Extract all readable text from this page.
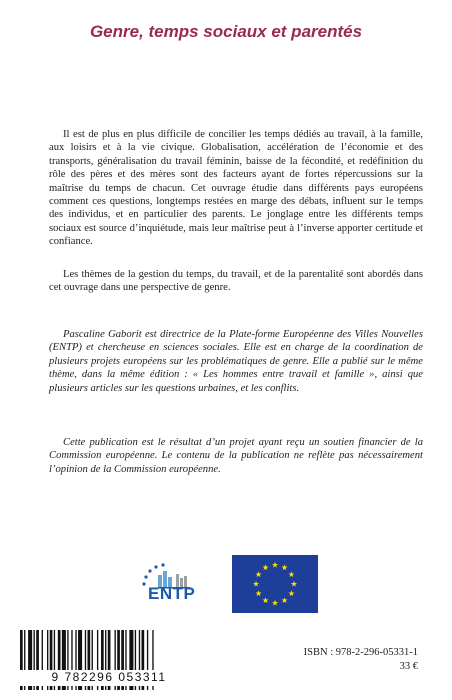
Genre, temps sociaux et parentés

Il est de plus en plus difficile de concilier les temps dédiés au travail, à la famille, aux loisirs et à la vie civique. Globalisation, accélération de l’économie et des transports, généralisation du travail féminin, baisse de la fécondité, et redéfinition du rôle des pères et des mères sont des facteurs ayant de fortes répercussions sur la maîtrise du temps de chacun. Cet ouvrage étudie dans différents pays européens comment ces questions, longtemps restées en marge des débats, influent sur le temps des individus, et en particulier des parents. Le jonglage entre les différents temps sociaux est source d’inquiétude, mais leur maîtrise peut à l’inverse apporter certitude et confiance.

Les thèmes de la gestion du temps, du travail, et de la parentalité sont abordés dans cet ouvrage dans une perspective de genre.

Pascaline Gaborit est directrice de la Plate-forme Européenne des Villes Nouvelles (ENTP) et chercheuse en sciences sociales. Elle est en charge de la coordination de plusieurs projets européens sur les problématiques de genre. Elle a publié sur le même thème, dans la même édition : « Les hommes entre travail et famille », ainsi que plusieurs articles sur les questions urbaines, et les conflits.

Cette publication est le résultat d’un projet ayant reçu un soutien financier de la Commission européenne. Le contenu de la publication ne reflète pas nécessairement l’opinion de la Commission européenne.

ENTP
9 782296 053311
ISBN : 978-2-296-05331-1
33 €
